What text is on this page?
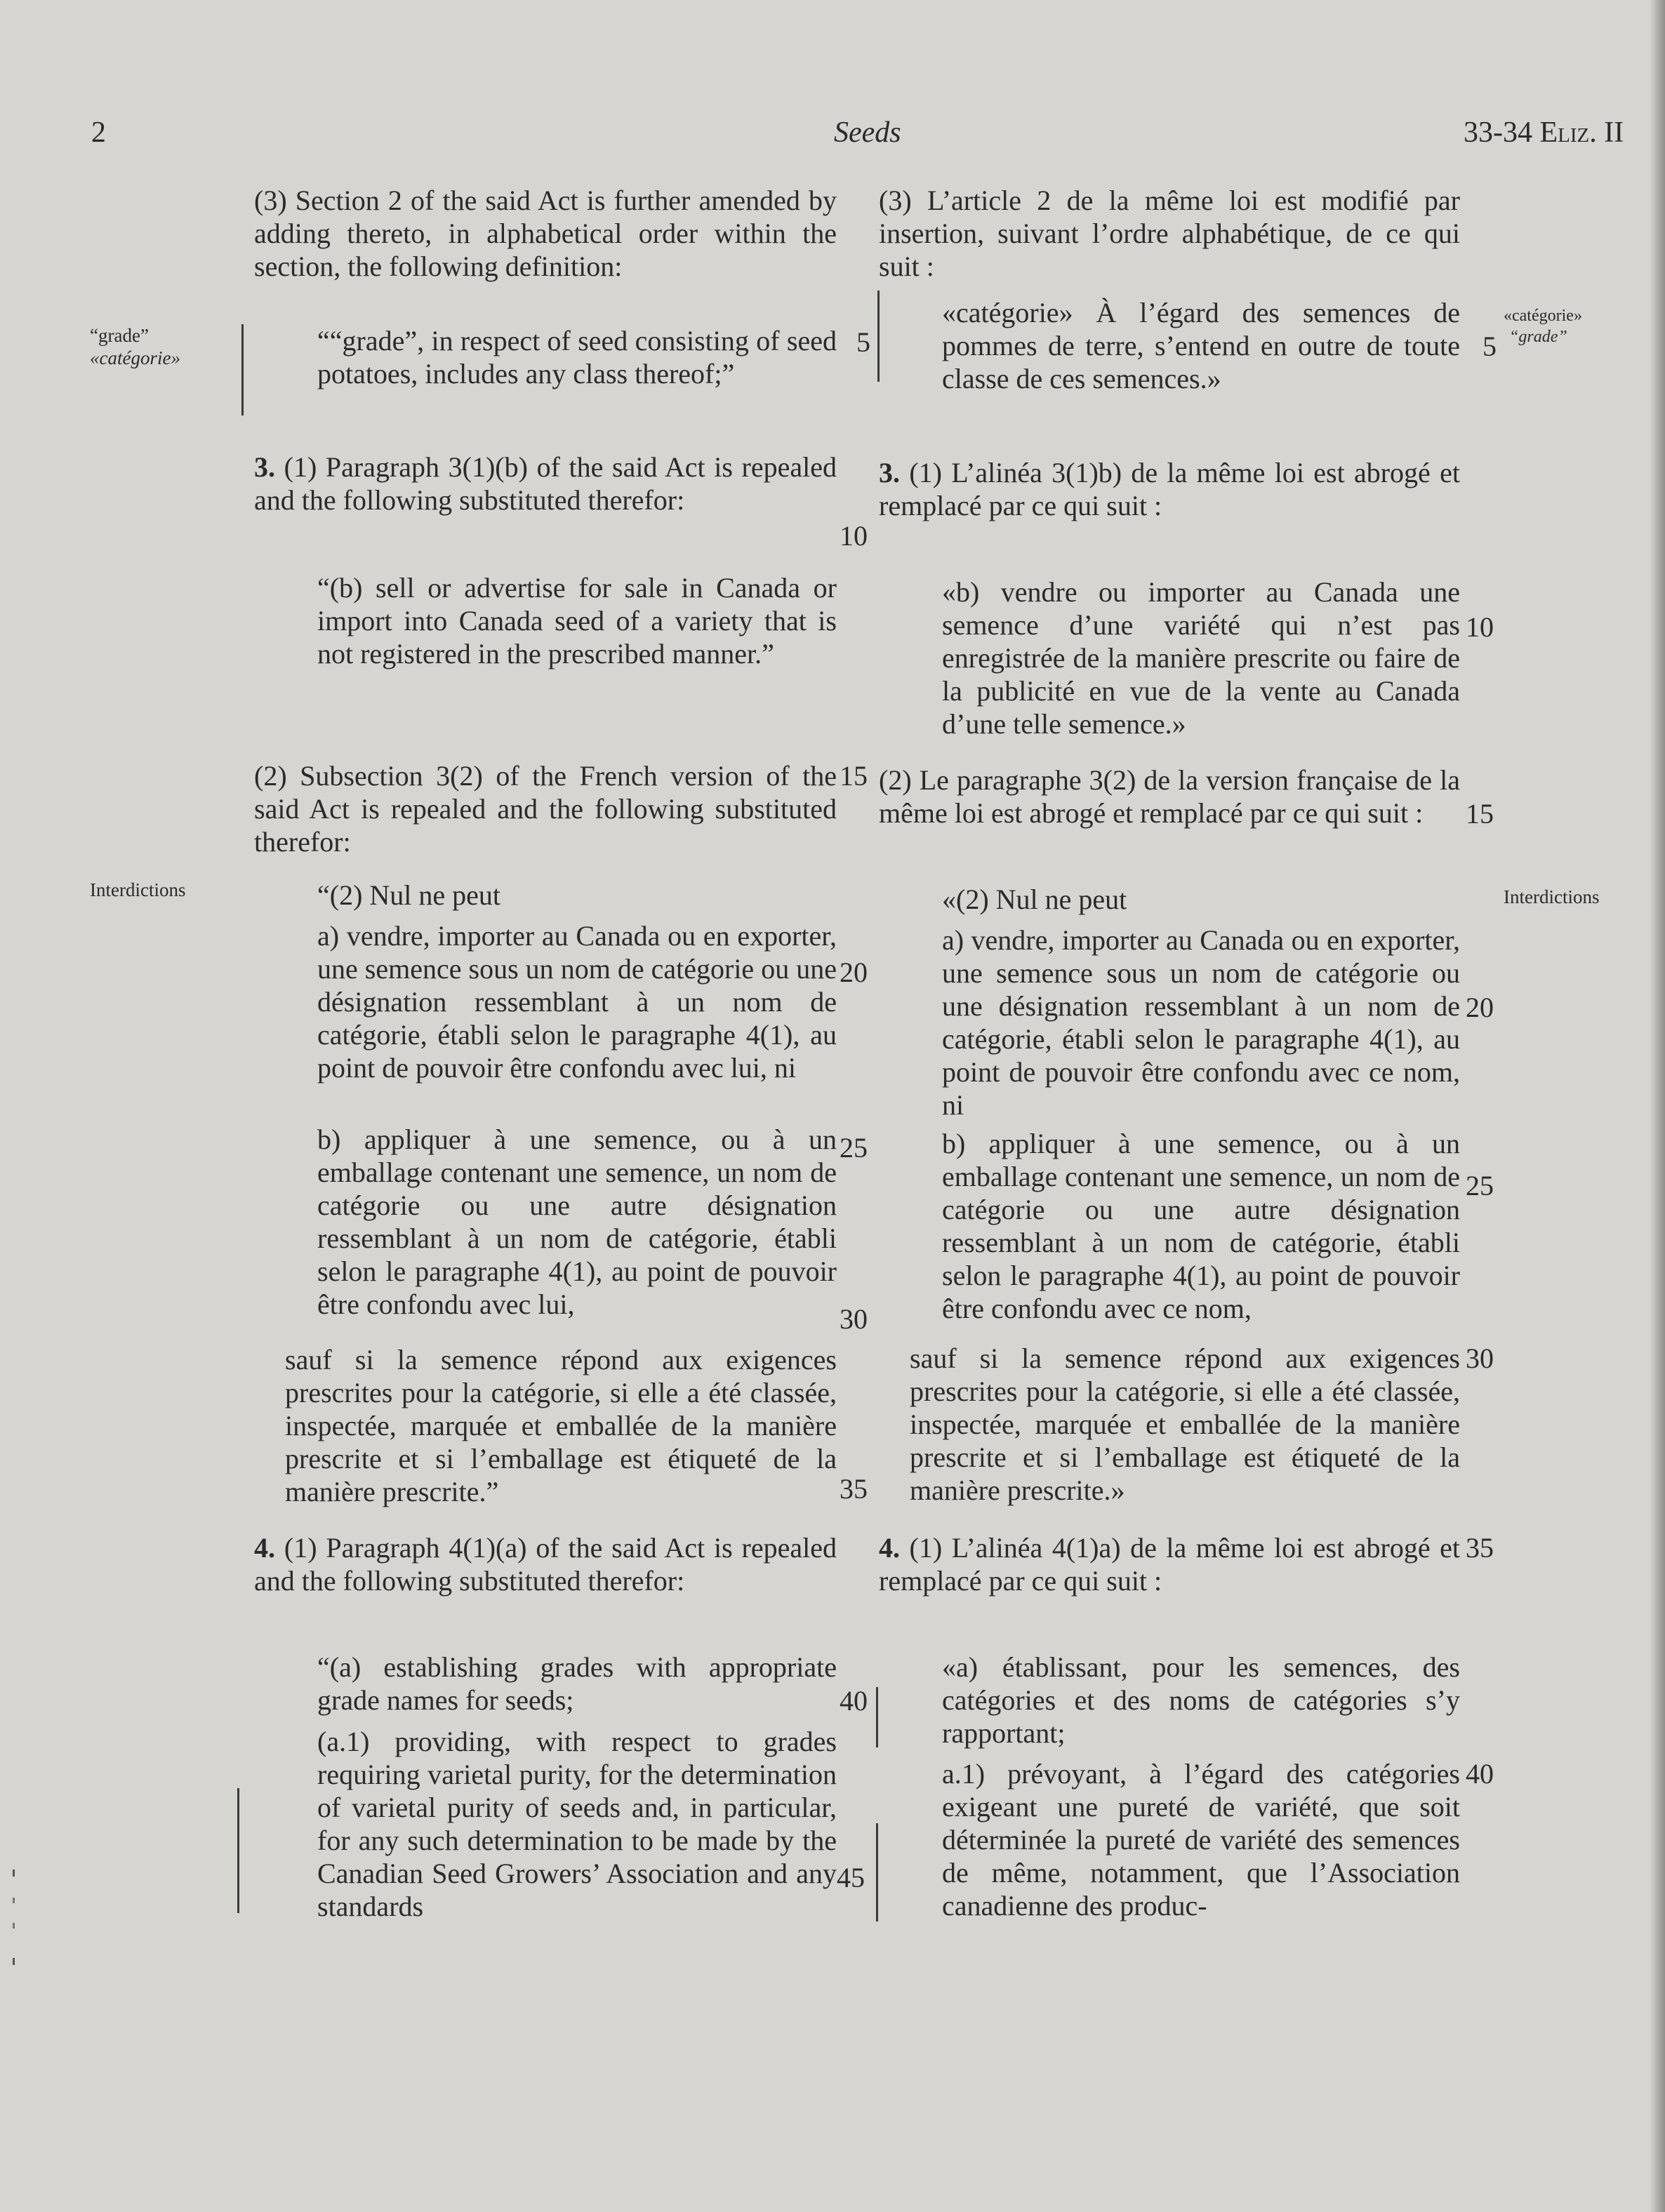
2	Seeds	33-34 Eliz. II
“grade”
«catégorie»
Interdictions
«catégorie»
“grade”
Interdictions

(3) Section 2 of the said Act is further amended by adding thereto, in alphabetical order within the section, the following definition:

““grade”, in respect of seed consisting of seed potatoes, includes any class thereof;”

3. (1) Paragraph 3(1)(b) of the said Act is repealed and the following substituted therefor:

“(b) sell or advertise for sale in Canada or import into Canada seed of a variety that is not registered in the prescribed manner.”

(2) Subsection 3(2) of the French version of the said Act is repealed and the following substituted therefor:

“(2) Nul ne peut

a) vendre, importer au Canada ou en exporter, une semence sous un nom de catégorie ou une désignation ressemblant à un nom de catégorie, établi selon le paragraphe 4(1), au point de pouvoir être confondu avec lui, ni

b) appliquer à une semence, ou à un emballage contenant une semence, un nom de catégorie ou une autre désignation ressemblant à un nom de catégorie, établi selon le paragraphe 4(1), au point de pouvoir être confondu avec lui,

sauf si la semence répond aux exigences prescrites pour la catégorie, si elle a été classée, inspectée, marquée et emballée de la manière prescrite et si l’emballage est étiqueté de la manière prescrite.”

4. (1) Paragraph 4(1)(a) of the said Act is repealed and the following substituted therefor:

“(a) establishing grades with appropriate grade names for seeds;

(a.1) providing, with respect to grades requiring varietal purity, for the determination of varietal purity of seeds and, in particular, for any such determination to be made by the Canadian Seed Growers’ Association and any standards

(3) L’article 2 de la même loi est modifié par insertion, suivant l’ordre alphabétique, de ce qui suit :

«catégorie» À l’égard des semences de pommes de terre, s’entend en outre de toute classe de ces semences.»

3. (1) L’alinéa 3(1)b) de la même loi est abrogé et remplacé par ce qui suit :

«b) vendre ou importer au Canada une semence d’une variété qui n’est pas enregistrée de la manière prescrite ou faire de la publicité en vue de la vente au Canada d’une telle semence.»

(2) Le paragraphe 3(2) de la version française de la même loi est abrogé et remplacé par ce qui suit :

«(2) Nul ne peut

a) vendre, importer au Canada ou en exporter, une semence sous un nom de catégorie ou une désignation ressemblant à un nom de catégorie, établi selon le paragraphe 4(1), au point de pouvoir être confondu avec ce nom, ni

b) appliquer à une semence, ou à un emballage contenant une semence, un nom de catégorie ou une autre désignation ressemblant à un nom de catégorie, établi selon le paragraphe 4(1), au point de pouvoir être confondu avec ce nom,

sauf si la semence répond aux exigences prescrites pour la catégorie, si elle a été classée, inspectée, marquée et emballée de la manière prescrite et si l’emballage est étiqueté de la manière prescrite.»

4. (1) L’alinéa 4(1)a) de la même loi est abrogé et remplacé par ce qui suit :

«a) établissant, pour les semences, des catégories et des noms de catégories s’y rapportant;

a.1) prévoyant, à l’égard des catégories exigeant une pureté de variété, que soit déterminée la pureté de variété des semences de même, notamment, que l’Association canadienne des produc-

5
10
15
20
25
30
35
40
45
5
10
15
20
25
30
35
40
